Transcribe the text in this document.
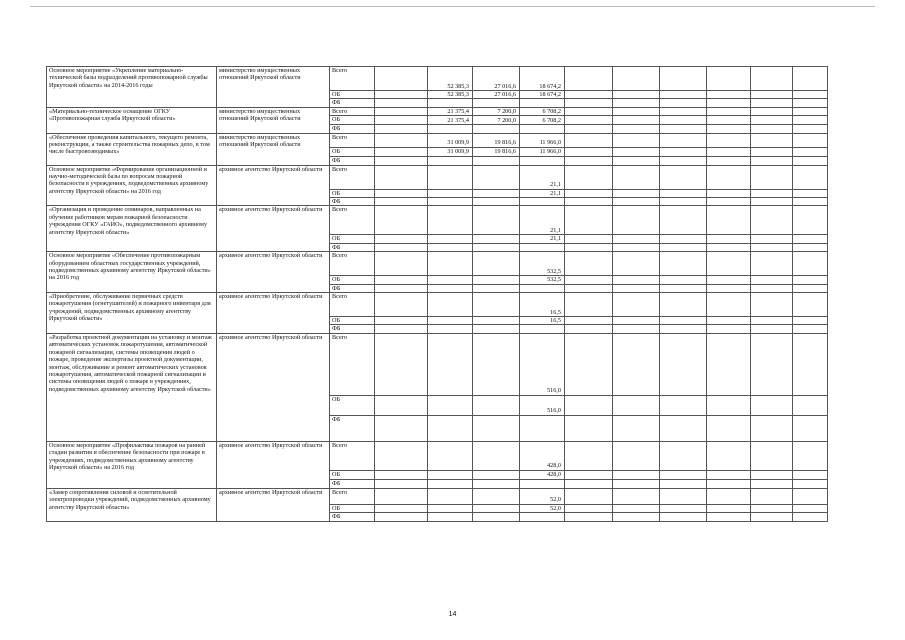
Основное мероприятие «Укрепление материально-технической базы подразделений противопожарной службы Иркутской области» на 2014-2016 годы	министерство имущественных отношений Иркутской области	Всего		52 385,3	27 016,6	18 674,2						
		ОБ		52 385,3	27 016,6	18 674,2						
		ФБ										
«Материально-техническое оснащение ОГКУ «Противопожарная служба Иркутской области»	министерство имущественных отношений Иркутской области	Всего		21 375,4	7 200,0	6 708,2						
		ОБ		21 375,4	7 200,0	6 708,2						
		ФБ										
«Обеспечение проведения капитального, текущего ремонта, реконструкции, а также строительства пожарных депо, в том числе быстровозводимых»	министерство имущественных отношений Иркутской области	Всего		31 009,9	19 816,6	11 966,0						
		ОБ		31 009,9	19 816,6	11 966,0						
		ФБ										
Основное мероприятие «Формирование организационной и научно-методической базы по вопросам пожарной безопасности в учреждениях, подведомственных архивному агентству Иркутской области» на 2016 год	архивное агентство Иркутской области	Всего				21,1						
		ОБ				21,1						
		ФБ										
«Организация и проведение семинаров, направленных на обучение работников мерам пожарной безопасности учреждения ОГКУ «ГАИО», подведомственного архивному агентству Иркутской области»	архивное агентство Иркутской области	Всего				21,1						
		ОБ				21,1						
		ФБ										
Основное мероприятие «Обеспечение противопожарным оборудованием областных государственных учреждений, подведомственных архивному агентству Иркутской области» на 2016 год	архивное агентство Иркутской области	Всего				532,5						
		ОБ				532,5						
		ФБ										
«Приобретение, обслуживание первичных средств пожаротушения (огнетушителей) и пожарного инвентаря для учреждений, подведомственных архивному агентству Иркутской области»	архивное агентство Иркутской области	Всего				16,5						
		ОБ				16,5						
		ФБ										
«Разработка проектной документации на установку и монтаж автоматических установок пожаротушения, автоматической пожарной сигнализации, системы оповещения людей о пожаре, проведение экспертизы проектной документации, монтаж, обслуживание и ремонт автоматических установок пожаротушения, автоматической пожарной сигнализации и системы оповещения людей о пожаре в учреждениях, подведомственных архивному агентству Иркутской области»	архивное агентство Иркутской области	Всего				516,0						
		ОБ				516,0						
		ФБ										
Основное мероприятие «Профилактика пожаров на ранней стадии развития и обеспечение безопасности при пожаре в учреждениях, подведомственных архивному агентству Иркутской области» на 2016 год	архивное агентство Иркутской области	Всего				428,0						
		ОБ				428,0						
		ФБ										
«Замер сопротивления силовой и осветительной электропроводки учреждений, подведомственных архивному агентству Иркутской области»	архивное агентство Иркутской области	Всего				52,0						
		ОБ				52,0						
		ФБ										
14
